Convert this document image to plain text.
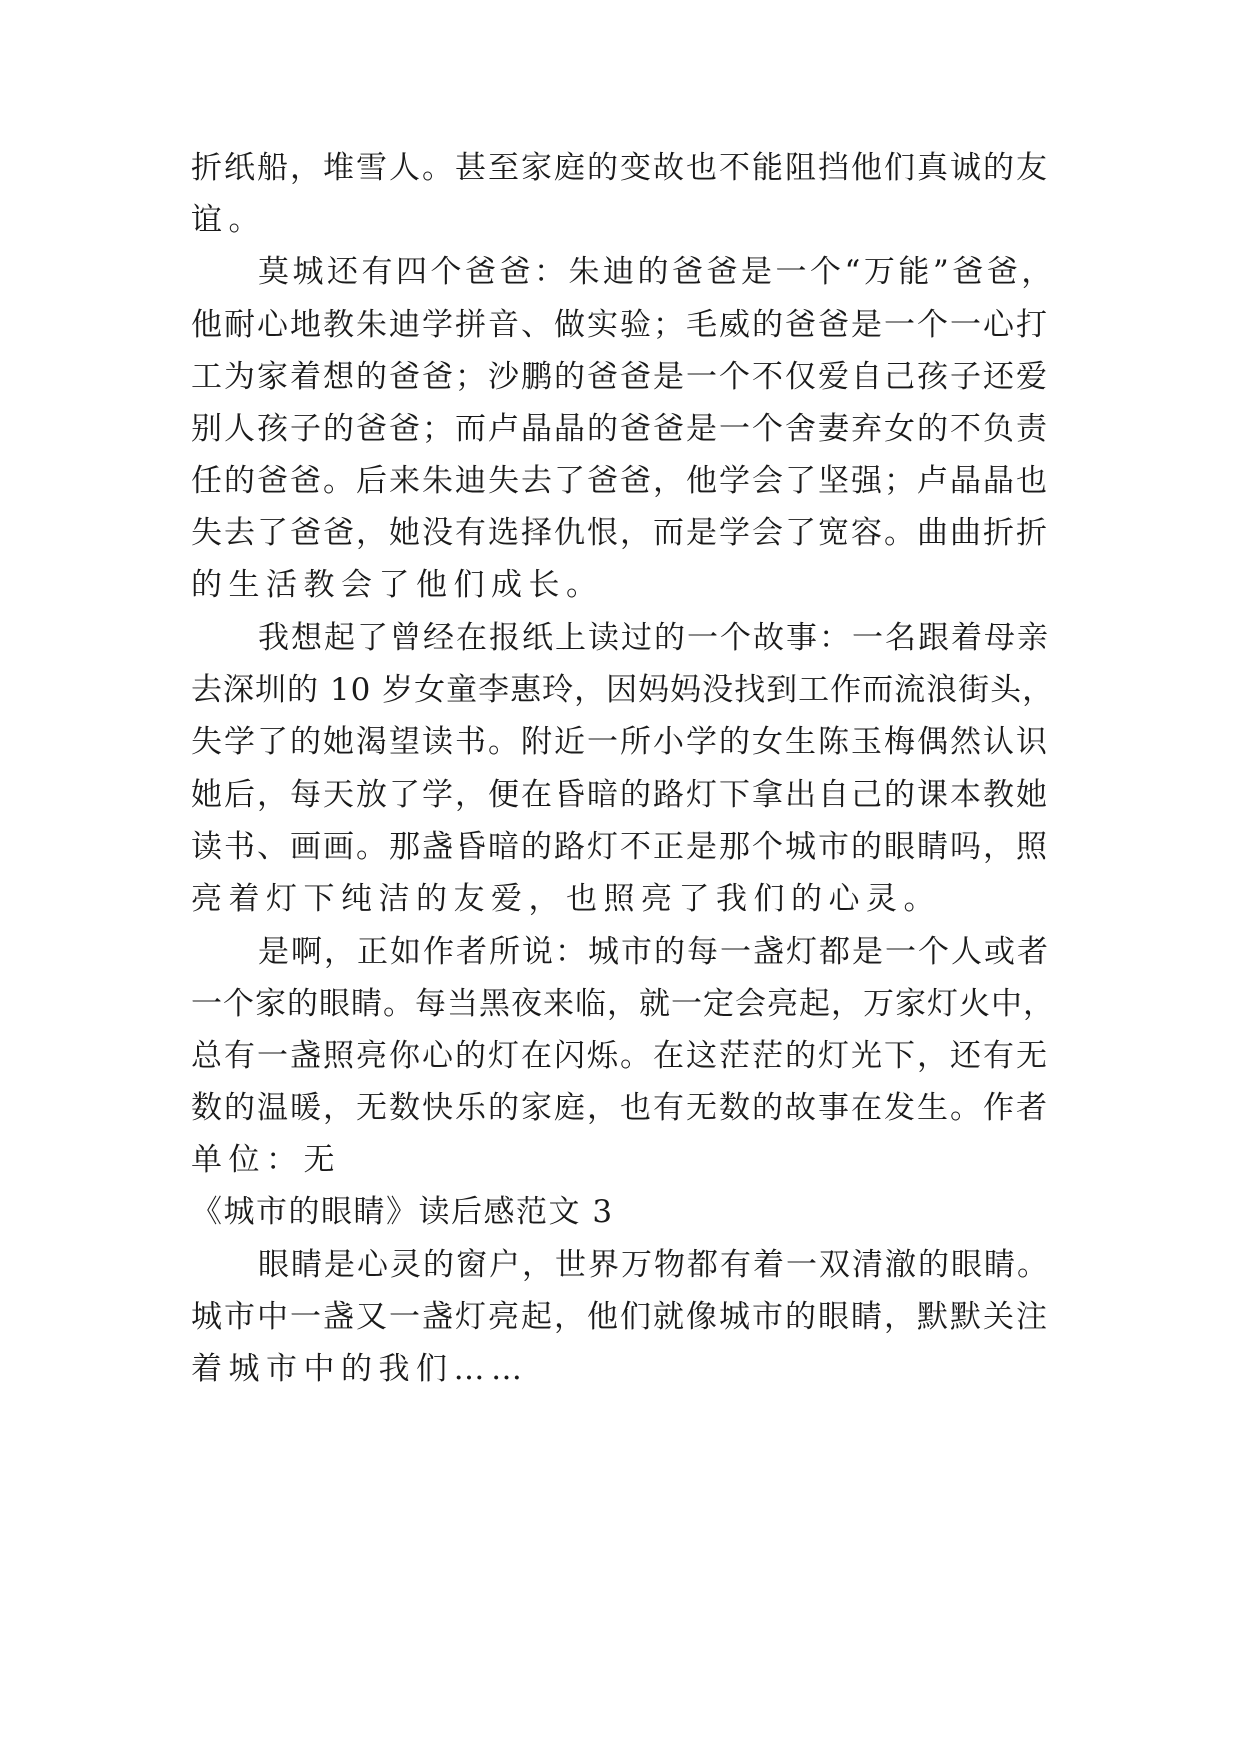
折纸船，堆雪人。甚至家庭的变故也不能阻挡他们真诚的友
谊。
莫城还有四个爸爸：朱迪的爸爸是一个“万能”爸爸，
他耐心地教朱迪学拼音、做实验；毛威的爸爸是一个一心打
工为家着想的爸爸；沙鹏的爸爸是一个不仅爱自己孩子还爱
别人孩子的爸爸；而卢晶晶的爸爸是一个舍妻弃女的不负责
任的爸爸。后来朱迪失去了爸爸，他学会了坚强；卢晶晶也
失去了爸爸，她没有选择仇恨，而是学会了宽容。曲曲折折
的生活教会了他们成长。
我想起了曾经在报纸上读过的一个故事：一名跟着母亲
去深圳的 10 岁女童李惠玲，因妈妈没找到工作而流浪街头，
失学了的她渴望读书。附近一所小学的女生陈玉梅偶然认识
她后，每天放了学，便在昏暗的路灯下拿出自己的课本教她
读书、画画。那盏昏暗的路灯不正是那个城市的眼睛吗，照
亮着灯下纯洁的友爱，也照亮了我们的心灵。
是啊，正如作者所说：城市的每一盏灯都是一个人或者
一个家的眼睛。每当黑夜来临，就一定会亮起，万家灯火中，
总有一盏照亮你心的灯在闪烁。在这茫茫的灯光下，还有无
数的温暖，无数快乐的家庭，也有无数的故事在发生。作者
单位：无
《城市的眼睛》读后感范文 3
眼睛是心灵的窗户，世界万物都有着一双清澈的眼睛。
城市中一盏又一盏灯亮起，他们就像城市的眼睛，默默关注
着城市中的我们……
